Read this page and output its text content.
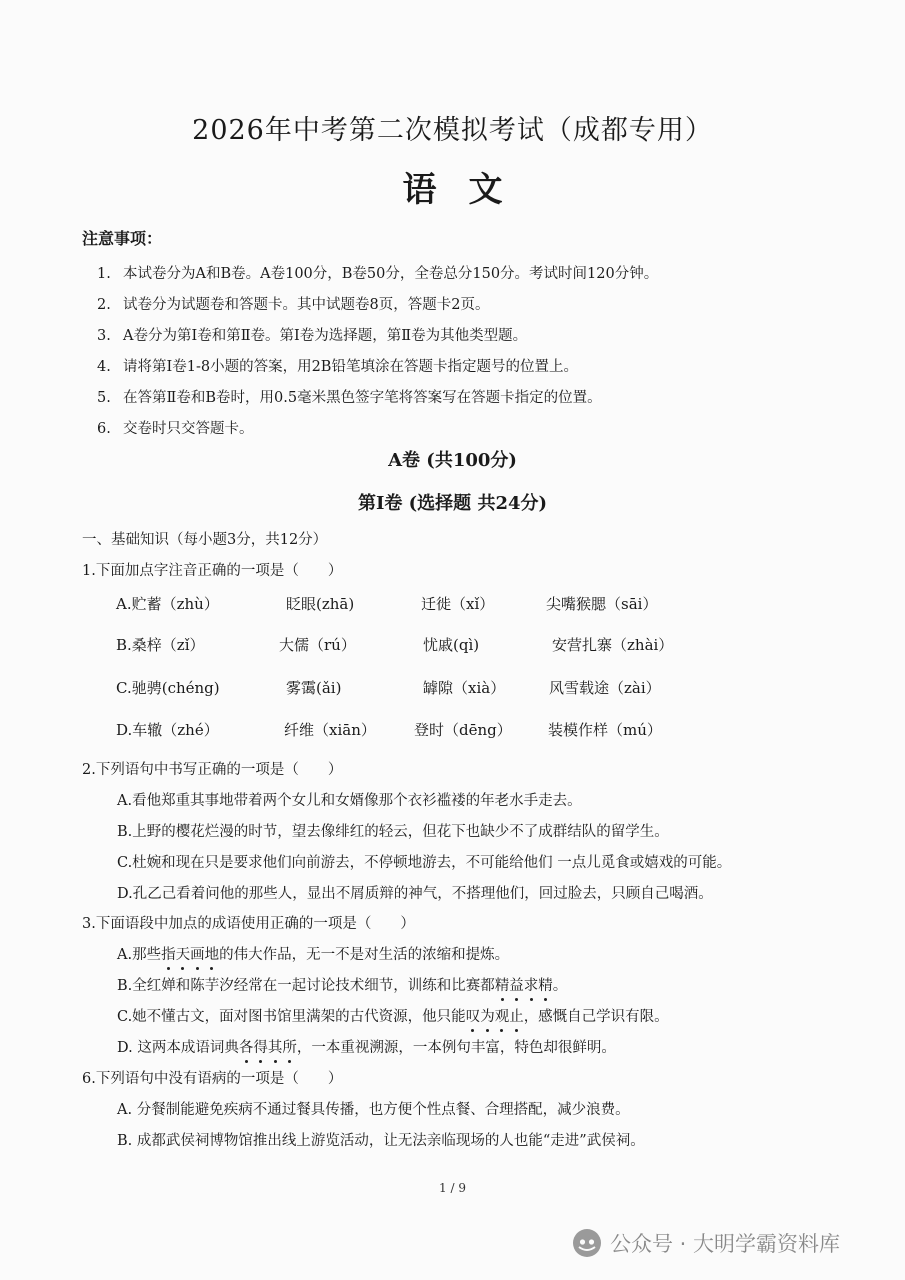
2026年中考第二次模拟考试（成都专用）
语文
注意事项：
1. 本试卷分为A和B卷。A卷100分，B卷50分，全卷总分150分。考试时间120分钟。
2. 试卷分为试题卷和答题卡。其中试题卷8页，答题卡2页。
3. A卷分为第Ⅰ卷和第Ⅱ卷。第Ⅰ卷为选择题，第Ⅱ卷为其他类型题。
4. 请将第Ⅰ卷1-8小题的答案，用2B铅笔填涂在答题卡指定题号的位置上。
5. 在答第Ⅱ卷和B卷时，用0.5毫米黑色签字笔将答案写在答题卡指定的位置。
6. 交卷时只交答题卡。
A卷 (共100分)
第Ⅰ卷 (选择题 共24分)
一、基础知识（每小题3分，共12分）
1.下面加点字注音正确的一项是（　　）
A.贮蓄（zhù）	眨眼(zhā)	迁徙（xǐ）	尖嘴猴腮（sāi）
B.桑梓（zǐ）	大儒（rú）	忧戚(qì)	安营扎寨（zhài）
C.驰骋(chéng)	雾霭(ǎi)	罅隙（xià）	风雪载途（zài）
D.车辙（zhé）	纤维（xiān）	登时（dēng） 装模作样（mú）
2.下列语句中书写正确的一项是（　　）
A.看他郑重其事地带着两个女儿和女婿像那个衣衫褴褛的年老水手走去。
B.上野的樱花烂漫的时节，望去像绯红的轻云，但花下也缺少不了成群结队的留学生。
C.杜婉和现在只是要求他们向前游去，不停顿地游去，不可能给他们 一点儿觅食或嬉戏的可能。
D.孔乙己看着问他的那些人，显出不屑质辩的神气，不搭理他们，回过脸去，只顾自己喝酒。
3.下面语段中加点的成语使用正确的一项是（　　）
A.那些指天画地的伟大作品，无一不是对生活的浓缩和提炼。
B.全红婵和陈芋汐经常在一起讨论技术细节，训练和比赛都精益求精。
C.她不懂古文，面对图书馆里满架的古代资源，他只能叹为观止，感慨自己学识有限。
D. 这两本成语词典各得其所，一本重视溯源，一本例句丰富，特色却很鲜明。
6.下列语句中没有语病的一项是（　　）
A. 分餐制能避免疾病不通过餐具传播，也方便个性点餐、合理搭配，减少浪费。
B. 成都武侯祠博物馆推出线上游览活动，让无法亲临现场的人也能“走进”武侯祠。
1 / 9
公众号 · 大明学霸资料库
